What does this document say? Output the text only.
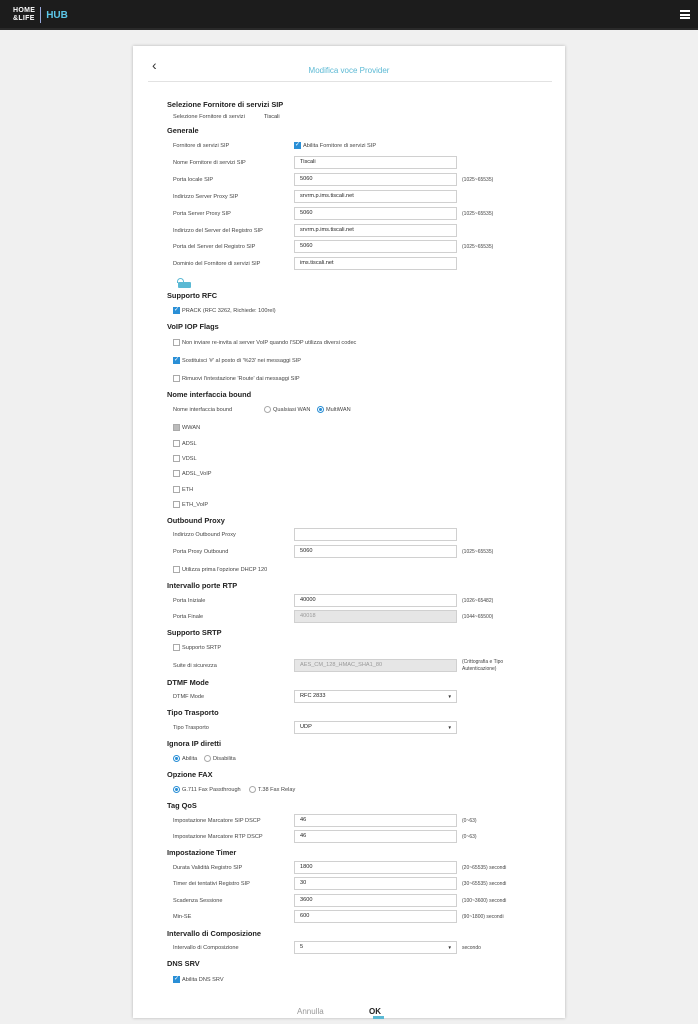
HOME
&LIFE HUB
‹	Modifica voce Provider
Selezione Fornitore di servizi SIP
Selezione Fornitore di servizi	Tiscali
Generale
Fornitore di servizi SIP
✓	Abilita Fornitore di servizi SIP
Nome Fornitore di servizi SIP	Tiscali
Porta locale SIP	5060	(1025~65535)
Indirizzo Server Proxy SIP	srvrm.p.ims.tiscali.net
Porta Server Proxy SIP	5060	(1025~65535)
Indirizzo del Server del Registro SIP	srvrm.p.ims.tiscali.net
Porta del Server del Registro SIP	5060	(1025~65535)
Dominio del Fornitore di servizi SIP	ims.tiscali.net
Supporto RFC
✓
PRACK (RFC 3262, Richiede: 100rel)
VoIP IOP Flags
Non inviare re-invita al server VoIP quando l'SDP utilizza diversi codec
✓
Sostituisci '#' al posto di '%23' nei messaggi SIP
Rimuovi l'intestazione 'Route' dai messaggi SIP
Nome interfaccia bound
Nome interfaccia bound	Qualsiasi WAN	MultiWAN
WWAN
ADSL
VDSL
ADSL_VoIP
ETH
ETH_VoIP
Outbound Proxy
Indirizzo Outbound Proxy
Porta Proxy Outbound	5060	(1025~65535)
Utilizza prima l'opzione DHCP 120
Intervallo porte RTP
Porta Iniziale	40000	(1026~65482)
Porta Finale	40018	(1044~65500)
Supporto SRTP
Supporto SRTP
Suite di sicurezza	AES_CM_128_HMAC_SHA1_80	(Crittografia e Tipo
Autenticazione)
DTMF Mode
DTMF Mode	RFC 2833 ▼
Tipo Trasporto
Tipo Trasporto	UDP ▼
Ignora IP diretti
Abilita	Disabilita
Opzione FAX
G.711 Fax Passthrough	T.38 Fax Relay
Tag QoS
Impostazione Marcatore SIP DSCP	46	(0~63)
Impostazione Marcatore RTP DSCP	46	(0~63)
Impostazione Timer
Durata Validità Registro SIP	1800	(20~65535) secondi
Timer dei tentativi Registro SIP	30	(30~65535) secondi
Scadenza Sessione	3600	(100~3600) secondi
Min-SE	600	(90~1800) secondi
Intervallo di Composizione
Intervallo di Composizione	5 ▼	secondo
DNS SRV
✓
Abilita DNS SRV
Annulla	OK
